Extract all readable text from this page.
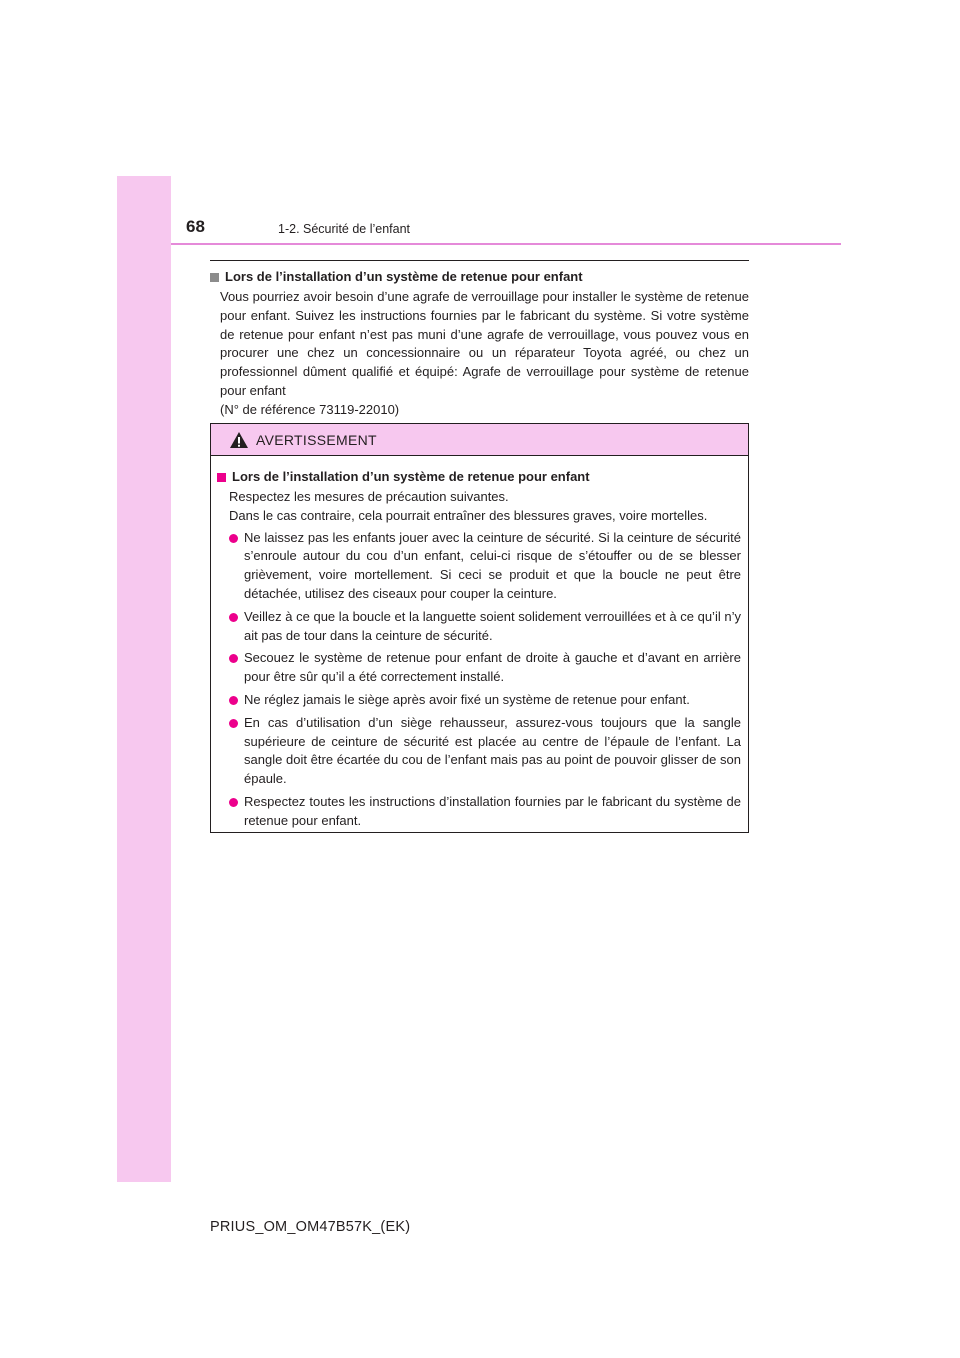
68	1-2. Sécurité de l’enfant
Lors de l’installation d’un système de retenue pour enfant

Vous pourriez avoir besoin d’une agrafe de verrouillage pour installer le système de retenue pour enfant. Suivez les instructions fournies par le fabricant du système. Si votre système de retenue pour enfant n’est pas muni d’une agrafe de verrouillage, vous pouvez vous en procurer une chez un concessionnaire ou un réparateur Toyota agréé, ou chez un professionnel dûment qualifié et équipé: Agrafe de verrouillage pour système de retenue pour enfant

(N° de référence 73119-22010)

AVERTISSEMENT
Lors de l’installation d’un système de retenue pour enfant

Respectez les mesures de précaution suivantes.

Dans le cas contraire, cela pourrait entraîner des blessures graves, voire mortelles.

Ne laissez pas les enfants jouer avec la ceinture de sécurité. Si la ceinture de sécurité s’enroule autour du cou d’un enfant, celui-ci risque de s’étouffer ou de se blesser grièvement, voire mortellement. Si ceci se produit et que la boucle ne peut être détachée, utilisez des ciseaux pour couper la ceinture.
Veillez à ce que la boucle et la languette soient solidement verrouillées et à ce qu’il n’y ait pas de tour dans la ceinture de sécurité.
Secouez le système de retenue pour enfant de droite à gauche et d’avant en arrière pour être sûr qu’il a été correctement installé.
Ne réglez jamais le siège après avoir fixé un système de retenue pour enfant.
En cas d’utilisation d’un siège rehausseur, assurez-vous toujours que la sangle supérieure de ceinture de sécurité est placée au centre de l’épaule de l’enfant. La sangle doit être écartée du cou de l’enfant mais pas au point de pouvoir glisser de son épaule.
Respectez toutes les instructions d’installation fournies par le fabricant du système de retenue pour enfant.
PRIUS_OM_OM47B57K_(EK)
